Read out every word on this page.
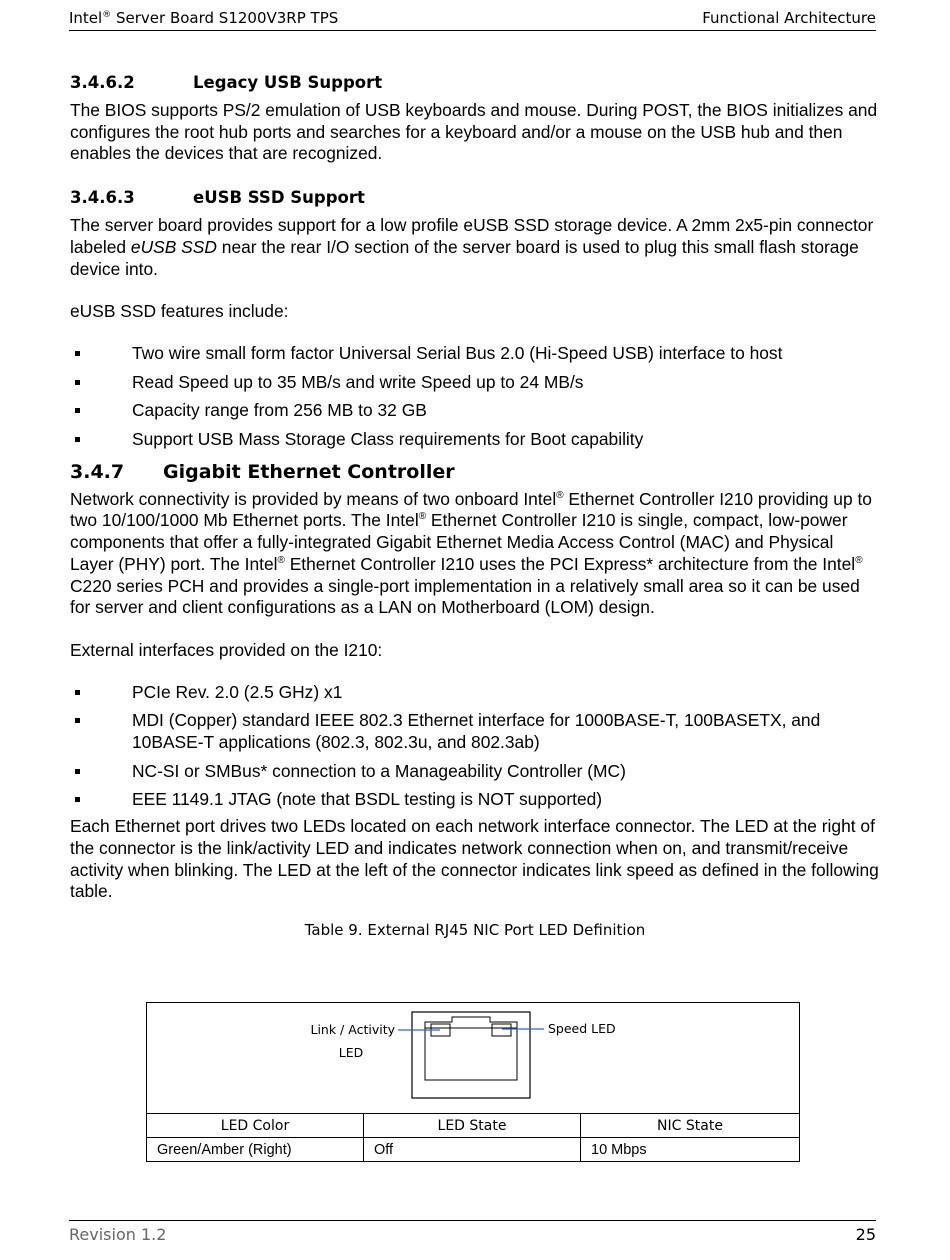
Intel® Server Board S1200V3RP TPS	Functional Architecture
3.4.6.2	Legacy USB Support

The BIOS supports PS/2 emulation of USB keyboards and mouse. During POST, the BIOS initializes and configures the root hub ports and searches for a keyboard and/or a mouse on the USB hub and then enables the devices that are recognized.

3.4.6.3	eUSB SSD Support

The server board provides support for a low profile eUSB SSD storage device. A 2mm 2x5-pin connector labeled eUSB SSD near the rear I/O section of the server board is used to plug this small flash storage device into.

eUSB SSD features include:

Two wire small form factor Universal Serial Bus 2.0 (Hi-Speed USB) interface to host
Read Speed up to 35 MB/s and write Speed up to 24 MB/s
Capacity range from 256 MB to 32 GB
Support USB Mass Storage Class requirements for Boot capability
3.4.7 Gigabit Ethernet Controller

Network connectivity is provided by means of two onboard Intel® Ethernet Controller I210 providing up to two 10/100/1000 Mb Ethernet ports. The Intel® Ethernet Controller I210 is single, compact, low-power components that offer a fully-integrated Gigabit Ethernet Media Access Control (MAC) and Physical Layer (PHY) port. The Intel® Ethernet Controller I210 uses the PCI Express* architecture from the Intel® C220 series PCH and provides a single-port implementation in a relatively small area so it can be used for server and client configurations as a LAN on Motherboard (LOM) design.

External interfaces provided on the I210:

PCIe Rev. 2.0 (2.5 GHz) x1
MDI (Copper) standard IEEE 802.3 Ethernet interface for 1000BASE-T, 100BASETX, and 10BASE-T applications (802.3, 802.3u, and 802.3ab)
NC-SI or SMBus* connection to a Manageability Controller (MC)
EEE 1149.1 JTAG (note that BSDL testing is NOT supported)

Each Ethernet port drives two LEDs located on each network interface connector. The LED at the right of the connector is the link/activity LED and indicates network connection when on, and transmit/receive activity when blinking. The LED at the left of the connector indicates link speed as defined in the following table.

Table 9. External RJ45 NIC Port LED Definition
Link / Activity
LED
Speed LED
LED Color	LED State	NIC State
Green/Amber (Right)	Off	10 Mbps
Revision 1.2	25
